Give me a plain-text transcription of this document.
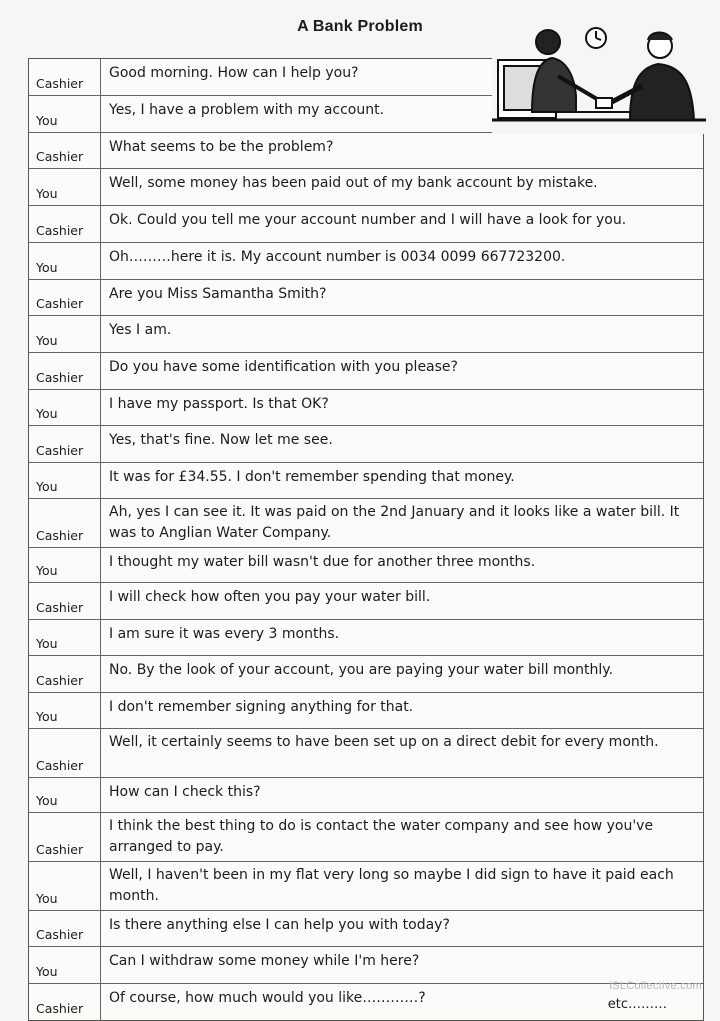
A Bank Problem
Cashier
Good morning. How can I help you?
You
Yes, I have a problem with my account.
Cashier
What seems to be the problem?
You
Well, some money has been paid out of my bank account by mistake.
Cashier
Ok. Could you tell me your account number and I will have a look for you.
You
Oh………here it is. My account number is 0034 0099 667723200.
Cashier
Are you Miss Samantha Smith?
You
Yes I am.
Cashier
Do you have some identification with you please?
You
I have my passport. Is that OK?
Cashier
Yes, that's fine. Now let me see.
You
It was for £34.55. I don't remember spending that money.
Cashier
Ah, yes I can see it. It was paid on the 2nd January and it looks like a water bill. It was to Anglian Water Company.
You
I thought my water bill wasn't due for another three months.
Cashier
I will check how often you pay your water bill.
You
I am sure it was every 3 months.
Cashier
No. By the look of your account, you are paying your water bill monthly.
You
I don't remember signing anything for that.
Cashier
Well, it certainly seems to have been set up on a direct debit for every month.
You
How can I check this?
Cashier
I think the best thing to do is contact the water company and see how you've arranged to pay.
You
Well, I haven't been in my flat very long so maybe I did sign to have it paid each month.
Cashier
Is there anything else I can help you with today?
You
Can I withdraw some money while I'm here?
Cashier
Of course, how much would you like…………?	etc………
iSLCollective.com
